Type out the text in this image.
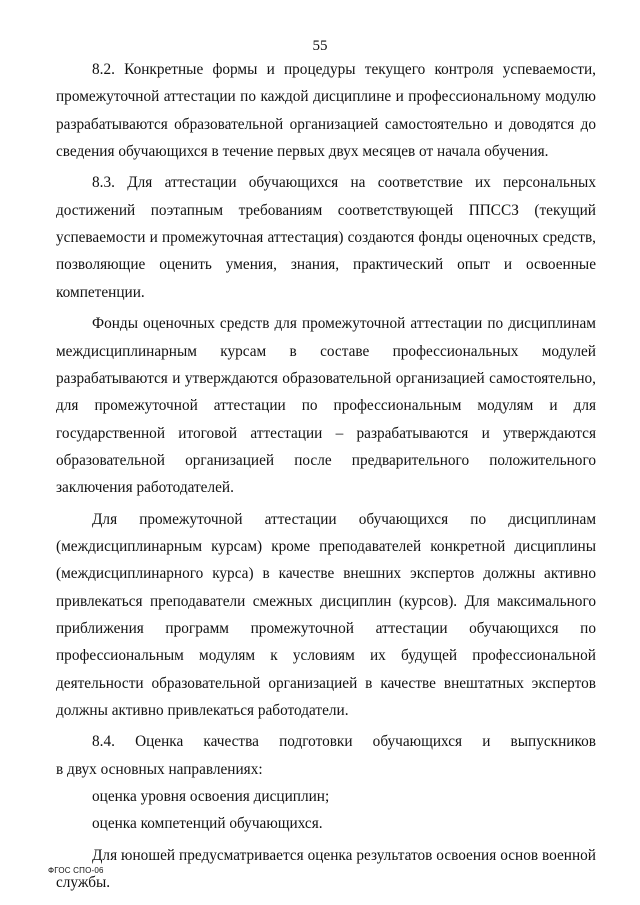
55
8.2. Конкретные формы и процедуры текущего контроля успеваемости,
промежуточной аттестации по каждой дисциплине и профессиональному модулю
разрабатываются образовательной организацией самостоятельно и доводятся до
сведения обучающихся в течение первых двух месяцев от начала обучения.
8.3. Для аттестации обучающихся на соответствие их персональных
достижений поэтапным требованиям соответствующей ППССЗ (текущий
успеваемости и промежуточная аттестация) создаются фонды оценочных средств,
позволяющие оценить умения, знания, практический опыт и освоенные
компетенции.
Фонды оценочных средств для промежуточной аттестации по дисциплинам
междисциплинарным курсам в составе профессиональных модулей
разрабатываются и утверждаются образовательной организацией самостоятельно,
для промежуточной аттестации по профессиональным модулям и для
государственной итоговой аттестации – разрабатываются и утверждаются
образовательной организацией после предварительного положительного
заключения работодателей.
Для промежуточной аттестации обучающихся по дисциплинам
(междисциплинарным курсам) кроме преподавателей конкретной дисциплины
(междисциплинарного курса) в качестве внешних экспертов должны активно
привлекаться преподаватели смежных дисциплин (курсов). Для максимального
приближения программ промежуточной аттестации обучающихся по
профессиональным модулям к условиям их будущей профессиональной
деятельности образовательной организацией в качестве внештатных экспертов
должны активно привлекаться работодатели.
8.4. Оценка качества подготовки обучающихся и выпускников
в двух основных направлениях:
оценка уровня освоения дисциплин;
оценка компетенций обучающихся.
Для юношей предусматривается оценка результатов освоения основ военной
службы.
ФГОС СПО-06
